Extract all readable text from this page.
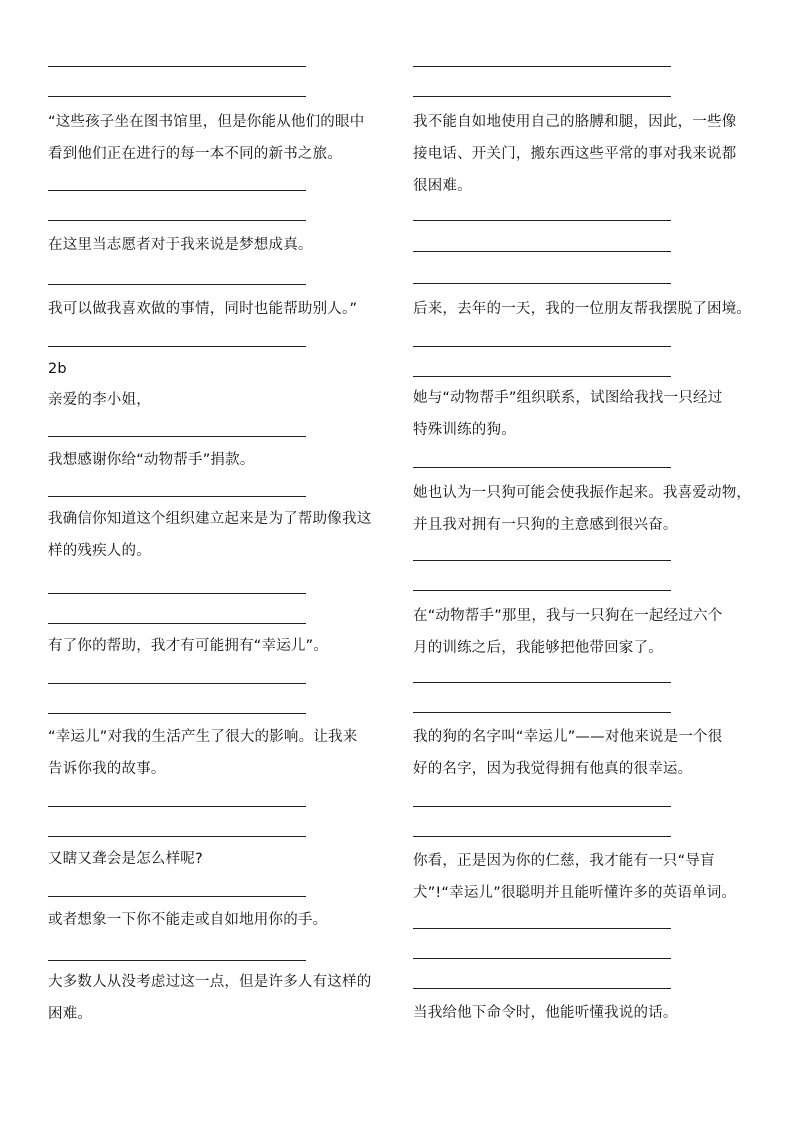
“这些孩子坐在图书馆里，但是你能从他们的眼中
看到他们正在进行的每一本不同的新书之旅。
在这里当志愿者对于我来说是梦想成真。
我可以做我喜欢做的事情，同时也能帮助别人。”
2b
亲爱的李小姐，
我想感谢你给“动物帮手”捐款。
我确信你知道这个组织建立起来是为了帮助像我这
样的残疾人的。
有了你的帮助，我才有可能拥有“幸运儿”。
“幸运儿”对我的生活产生了很大的影响。让我来
告诉你我的故事。
又瞎又聋会是怎么样呢?
或者想象一下你不能走或自如地用你的手。
大多数人从没考虑过这一点，但是许多人有这样的
困难。
我不能自如地使用自己的胳膊和腿，因此，一些像
接电话、开关门，搬东西这些平常的事对我来说都
很困难。
后来，去年的一天，我的一位朋友帮我摆脱了困境。
她与“动物帮手”组织联系，试图给我找一只经过
特殊训练的狗。
她也认为一只狗可能会使我振作起来。我喜爱动物，
并且我对拥有一只狗的主意感到很兴奋。
在“动物帮手”那里，我与一只狗在一起经过六个
月的训练之后，我能够把他带回家了。
我的狗的名字叫“幸运儿”——对他来说是一个很
好的名字，因为我觉得拥有他真的很幸运。
你看，正是因为你的仁慈，我才能有一只“导盲
犬”!“幸运儿”很聪明并且能听懂许多的英语单词。
当我给他下命令时，他能听懂我说的话。
